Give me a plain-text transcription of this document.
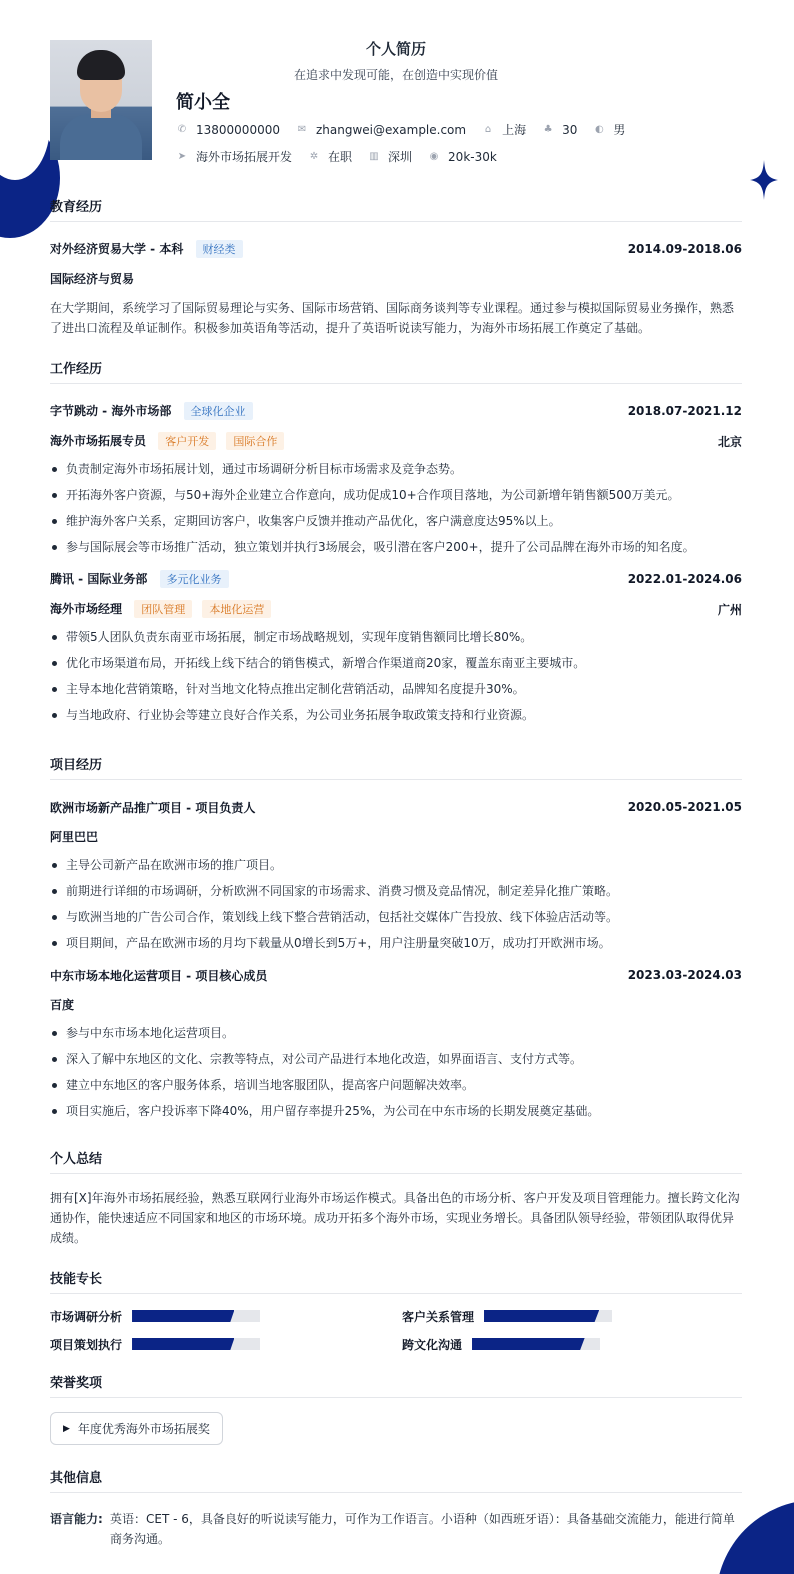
个人简历
在追求中发现可能，在创造中实现价值
简小全
✆ 13800000000 ✉ zhangwei@example.com ⌂ 上海 ♣ 30 ◐ 男
➤ 海外市场拓展开发 ✲ 在职 ▥ 深圳 ◉ 20k-30k
教育经历
对外经济贸易大学 - 本科 财经类	2014.09-2018.06
国际经济与贸易
在大学期间，系统学习了国际贸易理论与实务、国际市场营销、国际商务谈判等专业课程。通过参与模拟国际贸易业务操作，熟悉了进出口流程及单证制作。积极参加英语角等活动，提升了英语听说读写能力，为海外市场拓展工作奠定了基础。
工作经历
字节跳动 - 海外市场部 全球化企业	2018.07-2021.12
海外市场拓展专员 客户开发 国际合作	北京
负责制定海外市场拓展计划，通过市场调研分析目标市场需求及竞争态势。
开拓海外客户资源，与50+海外企业建立合作意向，成功促成10+合作项目落地，为公司新增年销售额500万美元。
维护海外客户关系，定期回访客户，收集客户反馈并推动产品优化，客户满意度达95%以上。
参与国际展会等市场推广活动，独立策划并执行3场展会，吸引潜在客户200+，提升了公司品牌在海外市场的知名度。
腾讯 - 国际业务部 多元化业务	2022.01-2024.06
海外市场经理 团队管理 本地化运营	广州
带领5人团队负责东南亚市场拓展，制定市场战略规划，实现年度销售额同比增长80%。
优化市场渠道布局，开拓线上线下结合的销售模式，新增合作渠道商20家，覆盖东南亚主要城市。
主导本地化营销策略，针对当地文化特点推出定制化营销活动，品牌知名度提升30%。
与当地政府、行业协会等建立良好合作关系，为公司业务拓展争取政策支持和行业资源。
项目经历
欧洲市场新产品推广项目 - 项目负责人	2020.05-2021.05
阿里巴巴
主导公司新产品在欧洲市场的推广项目。
前期进行详细的市场调研，分析欧洲不同国家的市场需求、消费习惯及竞品情况，制定差异化推广策略。
与欧洲当地的广告公司合作，策划线上线下整合营销活动，包括社交媒体广告投放、线下体验店活动等。
项目期间，产品在欧洲市场的月均下载量从0增长到5万+，用户注册量突破10万，成功打开欧洲市场。
中东市场本地化运营项目 - 项目核心成员	2023.03-2024.03
百度
参与中东市场本地化运营项目。
深入了解中东地区的文化、宗教等特点，对公司产品进行本地化改造，如界面语言、支付方式等。
建立中东地区的客户服务体系，培训当地客服团队，提高客户问题解决效率。
项目实施后，客户投诉率下降40%，用户留存率提升25%，为公司在中东市场的长期发展奠定基础。
个人总结
拥有[X]年海外市场拓展经验，熟悉互联网行业海外市场运作模式。具备出色的市场分析、客户开发及项目管理能力。擅长跨文化沟通协作，能快速适应不同国家和地区的市场环境。成功开拓多个海外市场，实现业务增长。具备团队领导经验，带领团队取得优异成绩。
技能专长
市场调研分析	客户关系管理
项目策划执行	跨文化沟通
荣誉奖项
▶ 年度优秀海外市场拓展奖
其他信息
语言能力: 英语：CET - 6，具备良好的听说读写能力，可作为工作语言。小语种（如西班牙语）：具备基础交流能力，能进行简单商务沟通。
